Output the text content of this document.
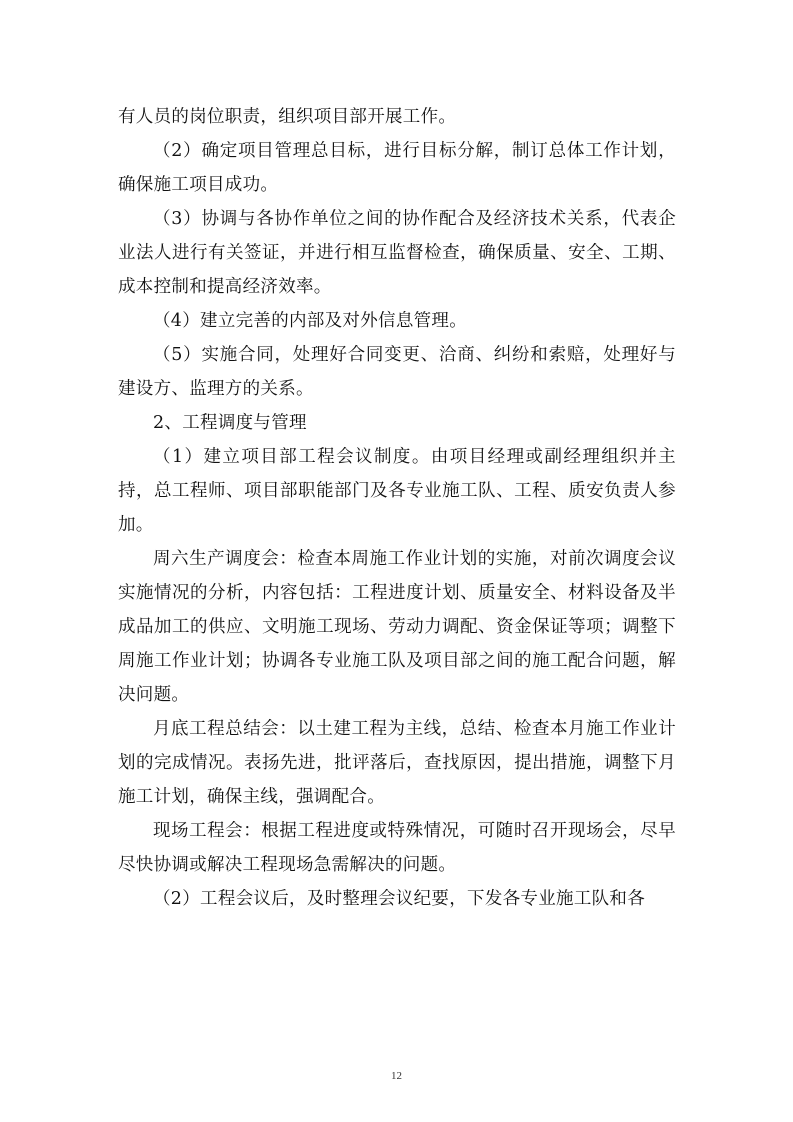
有人员的岗位职责，组织项目部开展工作。

（2）确定项目管理总目标，进行目标分解，制订总体工作计划，确保施工项目成功。

（3）协调与各协作单位之间的协作配合及经济技术关系，代表企业法人进行有关签证，并进行相互监督检查，确保质量、安全、工期、成本控制和提高经济效率。

（4）建立完善的内部及对外信息管理。

（5）实施合同，处理好合同变更、洽商、纠纷和索赔，处理好与建设方、监理方的关系。

2、工程调度与管理

（1）建立项目部工程会议制度。由项目经理或副经理组织并主持，总工程师、项目部职能部门及各专业施工队、工程、质安负责人参加。

周六生产调度会：检查本周施工作业计划的实施，对前次调度会议实施情况的分析，内容包括：工程进度计划、质量安全、材料设备及半成品加工的供应、文明施工现场、劳动力调配、资金保证等项；调整下周施工作业计划；协调各专业施工队及项目部之间的施工配合问题，解决问题。

月底工程总结会：以土建工程为主线，总结、检查本月施工作业计划的完成情况。表扬先进，批评落后，查找原因，提出措施，调整下月施工计划，确保主线，强调配合。

现场工程会：根据工程进度或特殊情况，可随时召开现场会，尽早尽快协调或解决工程现场急需解决的问题。

（2）工程会议后，及时整理会议纪要，下发各专业施工队和各

12
